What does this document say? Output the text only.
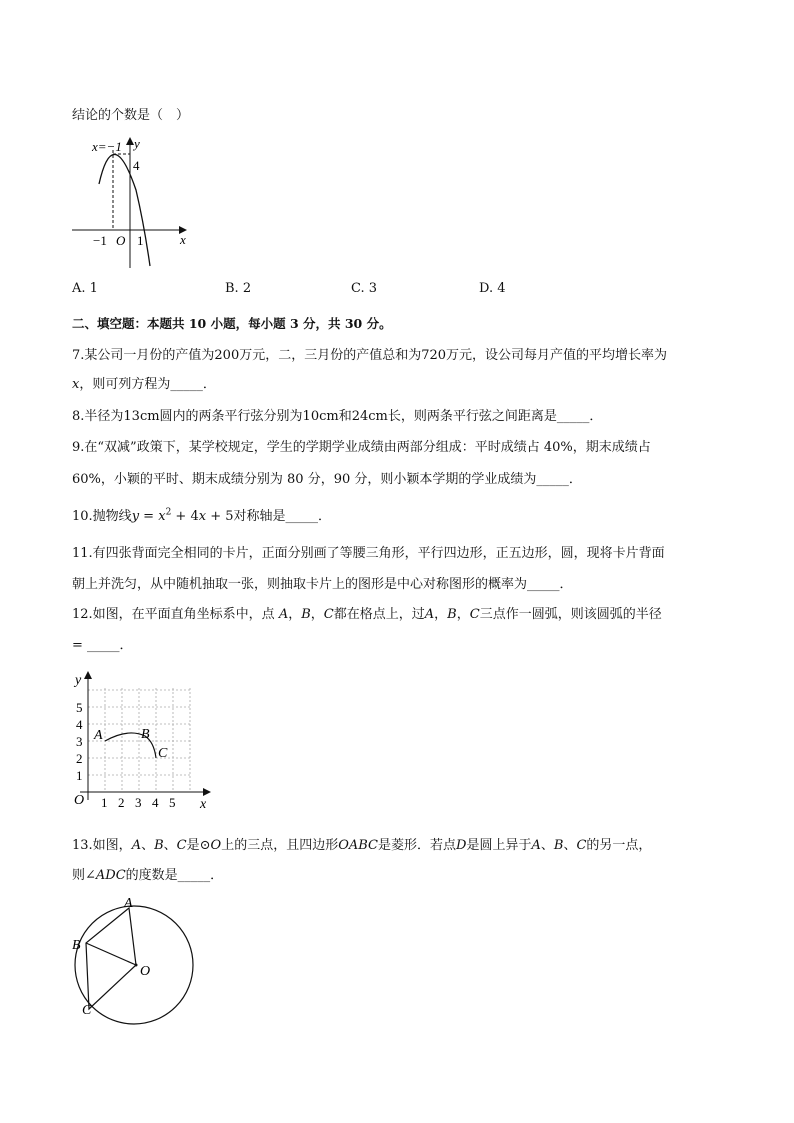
结论的个数是（　）
x=−1 y
4
−1 O 1	x
A. 1	B. 2	C. 3	D. 4
二、填空题：本题共 10 小题，每小题 3 分，共 30 分。
7.某公司一月份的产值为200万元，二，三月份的产值总和为720万元，设公司每月产值的平均增长率为
x，则可列方程为_____．
8.半径为13cm圆内的两条平行弦分别为10cm和24cm长，则两条平行弦之间距离是_____．
9.在“双减”政策下，某学校规定，学生的学期学业成绩由两部分组成：平时成绩占 40%，期末成绩占
60%，小颖的平时、期末成绩分别为 80 分，90 分，则小颖本学期的学业成绩为_____．
10.抛物线$y = x^2 + 4x + 5$对称轴是_____．
11.有四张背面完全相同的卡片，正面分别画了等腰三角形，平行四边形，正五边形，圆，现将卡片背面
朝上并洗匀，从中随机抽取一张，则抽取卡片上的图形是中心对称图形的概率为_____．
12.如图，在平面直角坐标系中，点 A，B，C都在格点上，过A，B，C三点作一圆弧，则该圆弧的半径
= _____．
y
x
O
5
4
3
2
1
1 2 3 4 5
A	B
C
13.如图，A、B、C是⊙O上的三点，且四边形OABC是菱形．若点D是圆上异于A、B、C的另一点，
则∠ADC的度数是_____．
A
B
C
O
